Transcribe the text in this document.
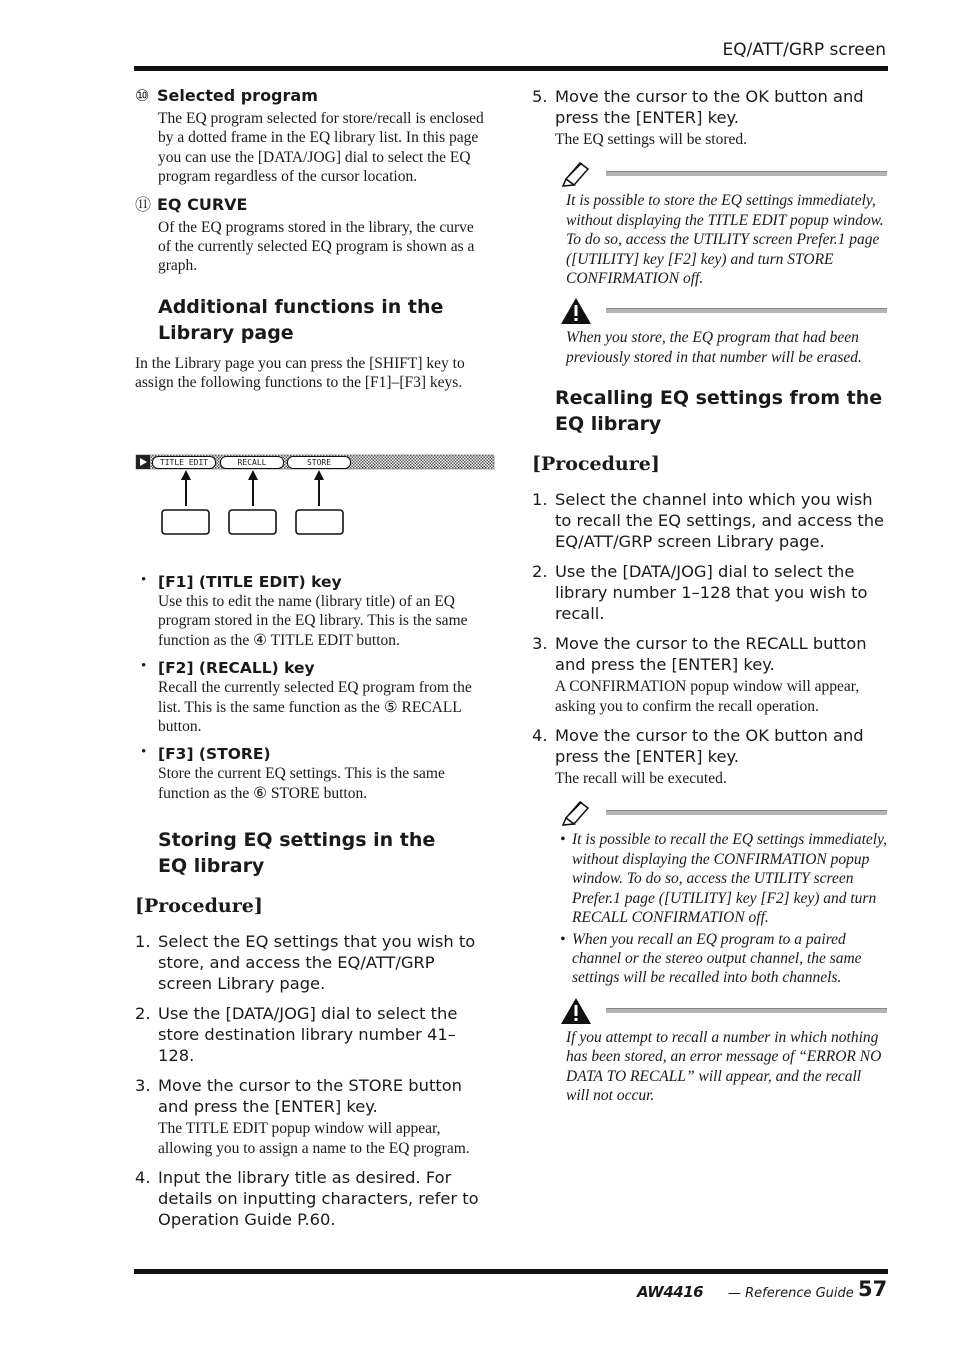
EQ/ATT/GRP screen
⑩ Selected program
The EQ program selected for store/recall is enclosed by a dotted frame in the EQ library list. In this page you can use the [DATA/JOG] dial to select the EQ program regardless of the cursor location.
⑪ EQ CURVE
Of the EQ programs stored in the library, the curve of the currently selected EQ program is shown as a graph.
Additional functions in the Library page

In the Library page you can press the [SHIFT] key to assign the following functions to the [F1]–[F3] keys.

TITLE EDIT	RECALL	STORE
• [F1] (TITLE EDIT) key
Use this to edit the name (library title) of an EQ program stored in the EQ library. This is the same function as the ④ TITLE EDIT button.
• [F2] (RECALL) key
Recall the currently selected EQ program from the list. This is the same function as the ⑤ RECALL button.
• [F3] (STORE)
Store the current EQ settings. This is the same function as the ⑥ STORE button.
Storing EQ settings in the EQ library
[Procedure]
1. Select the EQ settings that you wish to store, and access the EQ/ATT/GRP screen Library page.
2. Use the [DATA/JOG] dial to select the store destination library number 41–128.
3. Move the cursor to the STORE button and press the [ENTER] key.
The TITLE EDIT popup window will appear, allowing you to assign a name to the EQ program.
4. Input the library title as desired. For details on inputting characters, refer to Operation Guide P.60.
5. Move the cursor to the OK button and press the [ENTER] key.
The EQ settings will be stored.
It is possible to store the EQ settings immediately, without displaying the TITLE EDIT popup window. To do so, access the UTILITY screen Prefer.1 page ([UTILITY] key [F2] key) and turn STORE CONFIRMATION off.
When you store, the EQ program that had been previously stored in that number will be erased.
Recalling EQ settings from the EQ library
[Procedure]
1. Select the channel into which you wish to recall the EQ settings, and access the EQ/ATT/GRP screen Library page.
2. Use the [DATA/JOG] dial to select the library number 1–128 that you wish to recall.
3. Move the cursor to the RECALL button and press the [ENTER] key.
A CONFIRMATION popup window will appear, asking you to confirm the recall operation.
4. Move the cursor to the OK button and press the [ENTER] key.
The recall will be executed.
• It is possible to recall the EQ settings immediately, without displaying the CONFIRMATION popup window. To do so, access the UTILITY screen Prefer.1 page ([UTILITY] key [F2] key) and turn RECALL CONFIRMATION off.
• When you recall an EQ program to a paired channel or the stereo output channel, the same settings will be recalled into both channels.
If you attempt to recall a number in which nothing has been stored, an error message of “ERROR NO DATA TO RECALL” will appear, and the recall will not occur.
AW4416 — Reference Guide 57
